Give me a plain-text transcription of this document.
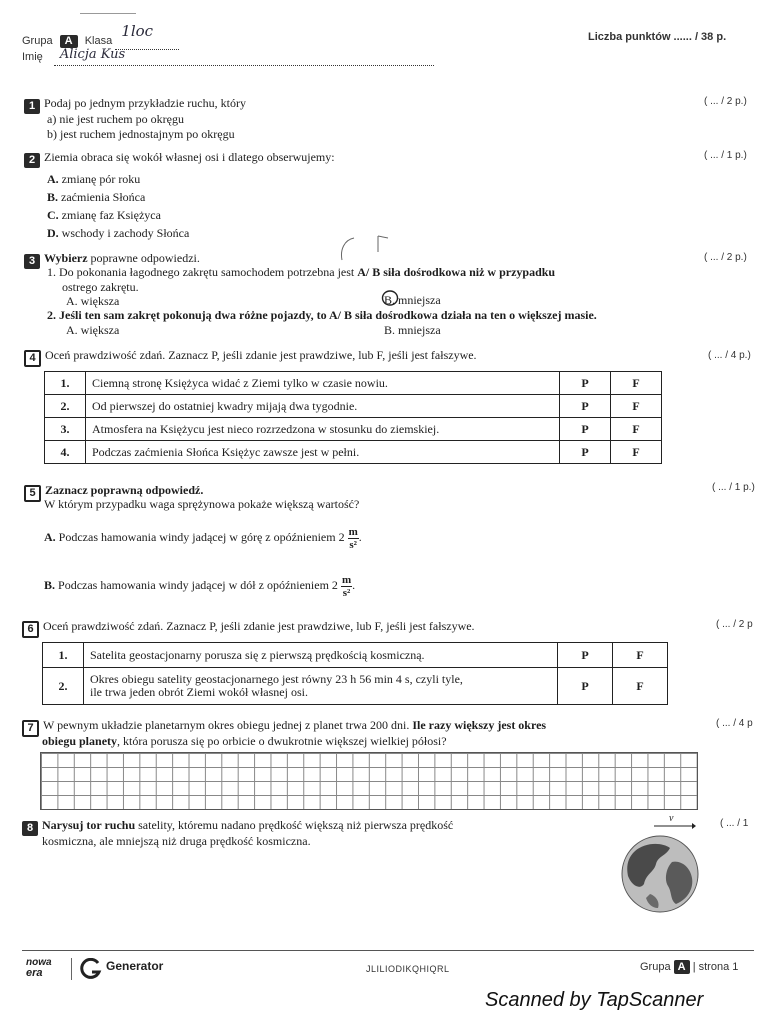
Grupa A Klasa
1loc

Imię Alicja Kus

Liczba punktów ...... / 38 p.
1 Podaj po jednym przykładzie ruchu, który	( ... / 2 p.)
a) nie jest ruchem po okręgu
b) jest ruchem jednostajnym po okręgu
2 Ziemia obraca się wokół własnej osi i dlatego obserwujemy:	( ... / 1 p.)
A. zmianę pór roku
B. zaćmienia Słońca
C. zmianę faz Księżyca
D. wschody i zachody Słońca
3 Wybierz poprawne odpowiedzi.	( ... / 2 p.)
1. Do pokonania łagodnego zakrętu samochodem potrzebna jest A/ B siła dośrodkowa niż w przypadku
ostrego zakrętu.
A. większa	B. mniejsza
2. Jeśli ten sam zakręt pokonują dwa różne pojazdy, to A/ B siła dośrodkowa działa na ten o większej masie.
A. większa	B. mniejsza
4 Oceń prawdziwość zdań. Zaznacz P, jeśli zdanie jest prawdziwe, lub F, jeśli jest fałszywe.	( ... / 4 p.)
1.	Ciemną stronę Księżyca widać z Ziemi tylko w czasie nowiu.	P	F
2.	Od pierwszej do ostatniej kwadry mijają dwa tygodnie.	P	F
3.	Atmosfera na Księżycu jest nieco rozrzedzona w stosunku do ziemskiej.	P	F
4.	Podczas zaćmienia Słońca Księżyc zawsze jest w pełni.	P	F
5 Zaznacz poprawną odpowiedź.	( ... / 1 p.)
W którym przypadku waga sprężynowa pokaże większą wartość?
A. Podczas hamowania windy jadącej w górę z opóźnieniem $2 \frac{m}{\text{s²}}$ .
B. Podczas hamowania windy jadącej w dół z opóźnieniem $2 \frac{m}{\text{s²}}$ .
6 Oceń prawdziwość zdań. Zaznacz P, jeśli zdanie jest prawdziwe, lub F, jeśli jest fałszywe.	( ... / 2 p
1.	Satelita geostacjonarny porusza się z pierwszą prędkością kosmiczną.	P	F
2.	Okres obiegu satelity geostacjonarnego jest równy 23 h 56 min 4 s, czyli tyle,
ile trwa jeden obrót Ziemi wokół własnej osi.	P	F
7 W pewnym układzie planetarnym okres obiegu jednej z planet trwa 200 dni. Ile razy większy jest okres
obiegu planety, która porusza się po orbicie o dwukrotnie większej wielkiej półosi?
( ... / 4 p
8 Narysuj tor ruchu satelity, któremu nadano prędkość większą niż pierwsza prędkość
kosmiczna, ale mniejszą niż druga prędkość kosmiczna.
( ... / 1
v
nowa
era	Generator	JLILIODIKQHIQRL	Grupa A | strona 1
Scanned by TapScanner
